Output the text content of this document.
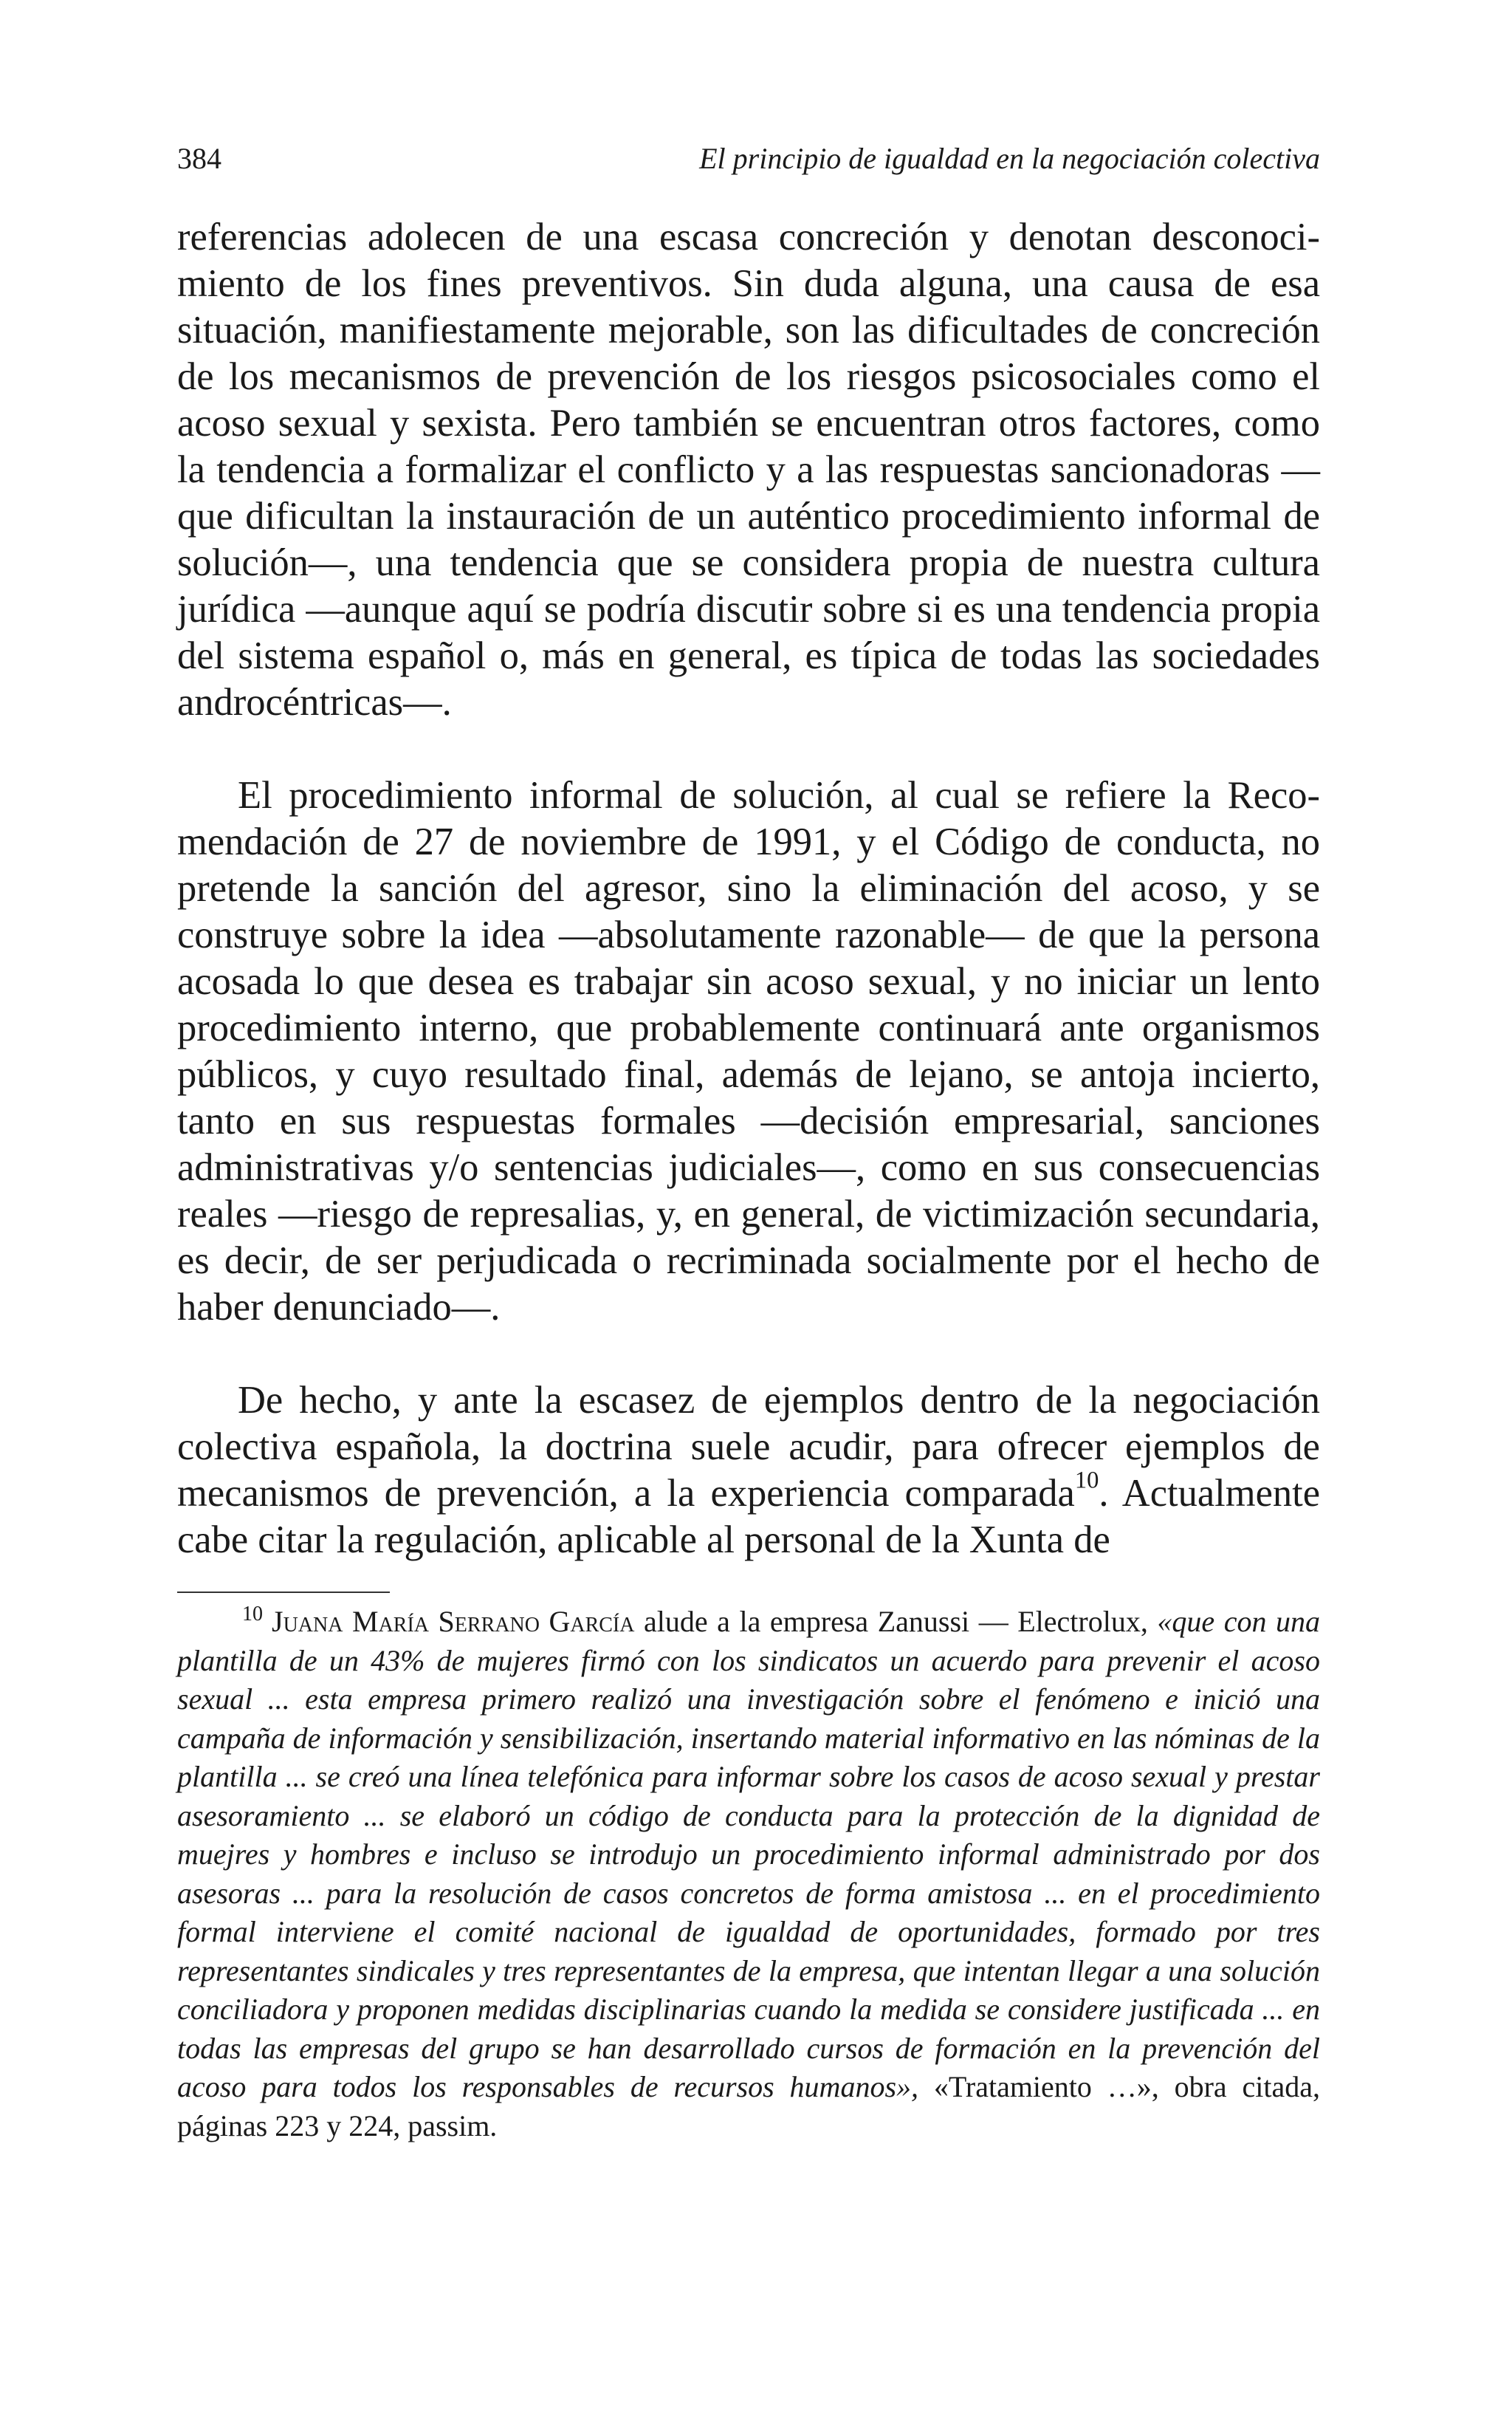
384	El principio de igualdad en la negociación colectiva

referencias adolecen de una escasa concreción y denotan desconocimiento de los fines preventivos. Sin duda alguna, una causa de esa situación, manifiestamente mejorable, son las dificultades de concreción de los mecanismos de prevención de los riesgos psicosociales como el acoso sexual y sexista. Pero también se encuentran otros factores, como la tendencia a formalizar el conflicto y a las respuestas sancionadoras —que dificultan la instauración de un auténtico procedimiento informal de solución—, una tendencia que se considera propia de nuestra cultura jurídica —aunque aquí se podría discutir sobre si es una tendencia propia del sistema español o, más en general, es típica de todas las sociedades androcéntricas—.

El procedimiento informal de solución, al cual se refiere la Recomendación de 27 de noviembre de 1991, y el Código de conducta, no pretende la sanción del agresor, sino la eliminación del acoso, y se construye sobre la idea —absolutamente razonable— de que la persona acosada lo que desea es trabajar sin acoso sexual, y no iniciar un lento procedimiento interno, que probablemente continuará ante organismos públicos, y cuyo resultado final, además de lejano, se antoja incierto, tanto en sus respuestas formales —decisión empresarial, sanciones administrativas y/o sentencias judiciales—, como en sus consecuencias reales —riesgo de represalias, y, en general, de victimización secundaria, es decir, de ser perjudicada o recriminada socialmente por el hecho de haber denunciado—.

De hecho, y ante la escasez de ejemplos dentro de la negociación colectiva española, la doctrina suele acudir, para ofrecer ejemplos de mecanismos de prevención, a la experiencia comparada$^{10}$. Actualmente cabe citar la regulación, aplicable al personal de la Xunta de

$^{10}$ Juana María Serrano García alude a la empresa Zanussi — Electrolux, «que con una plantilla de un 43% de mujeres firmó con los sindicatos un acuerdo para prevenir el acoso sexual ... esta empresa primero realizó una investigación sobre el fenómeno e inició una campaña de información y sensibilización, insertando material informativo en las nóminas de la plantilla ... se creó una línea telefónica para informar sobre los casos de acoso sexual y prestar asesoramiento ... se elaboró un código de conducta para la protección de la dignidad de muejres y hombres e incluso se introdujo un procedimiento informal administrado por dos asesoras ... para la resolución de casos concretos de forma amistosa ... en el procedimiento formal interviene el comité nacional de igualdad de oportunidades, formado por tres representantes sindicales y tres representantes de la empresa, que intentan llegar a una solución conciliadora y proponen medidas disciplinarias cuando la medida se considere justificada ... en todas las empresas del grupo se han desarrollado cursos de formación en la prevención del acoso para todos los responsables de recursos humanos», «Tratamiento …», obra citada, páginas 223 y 224, passim.
